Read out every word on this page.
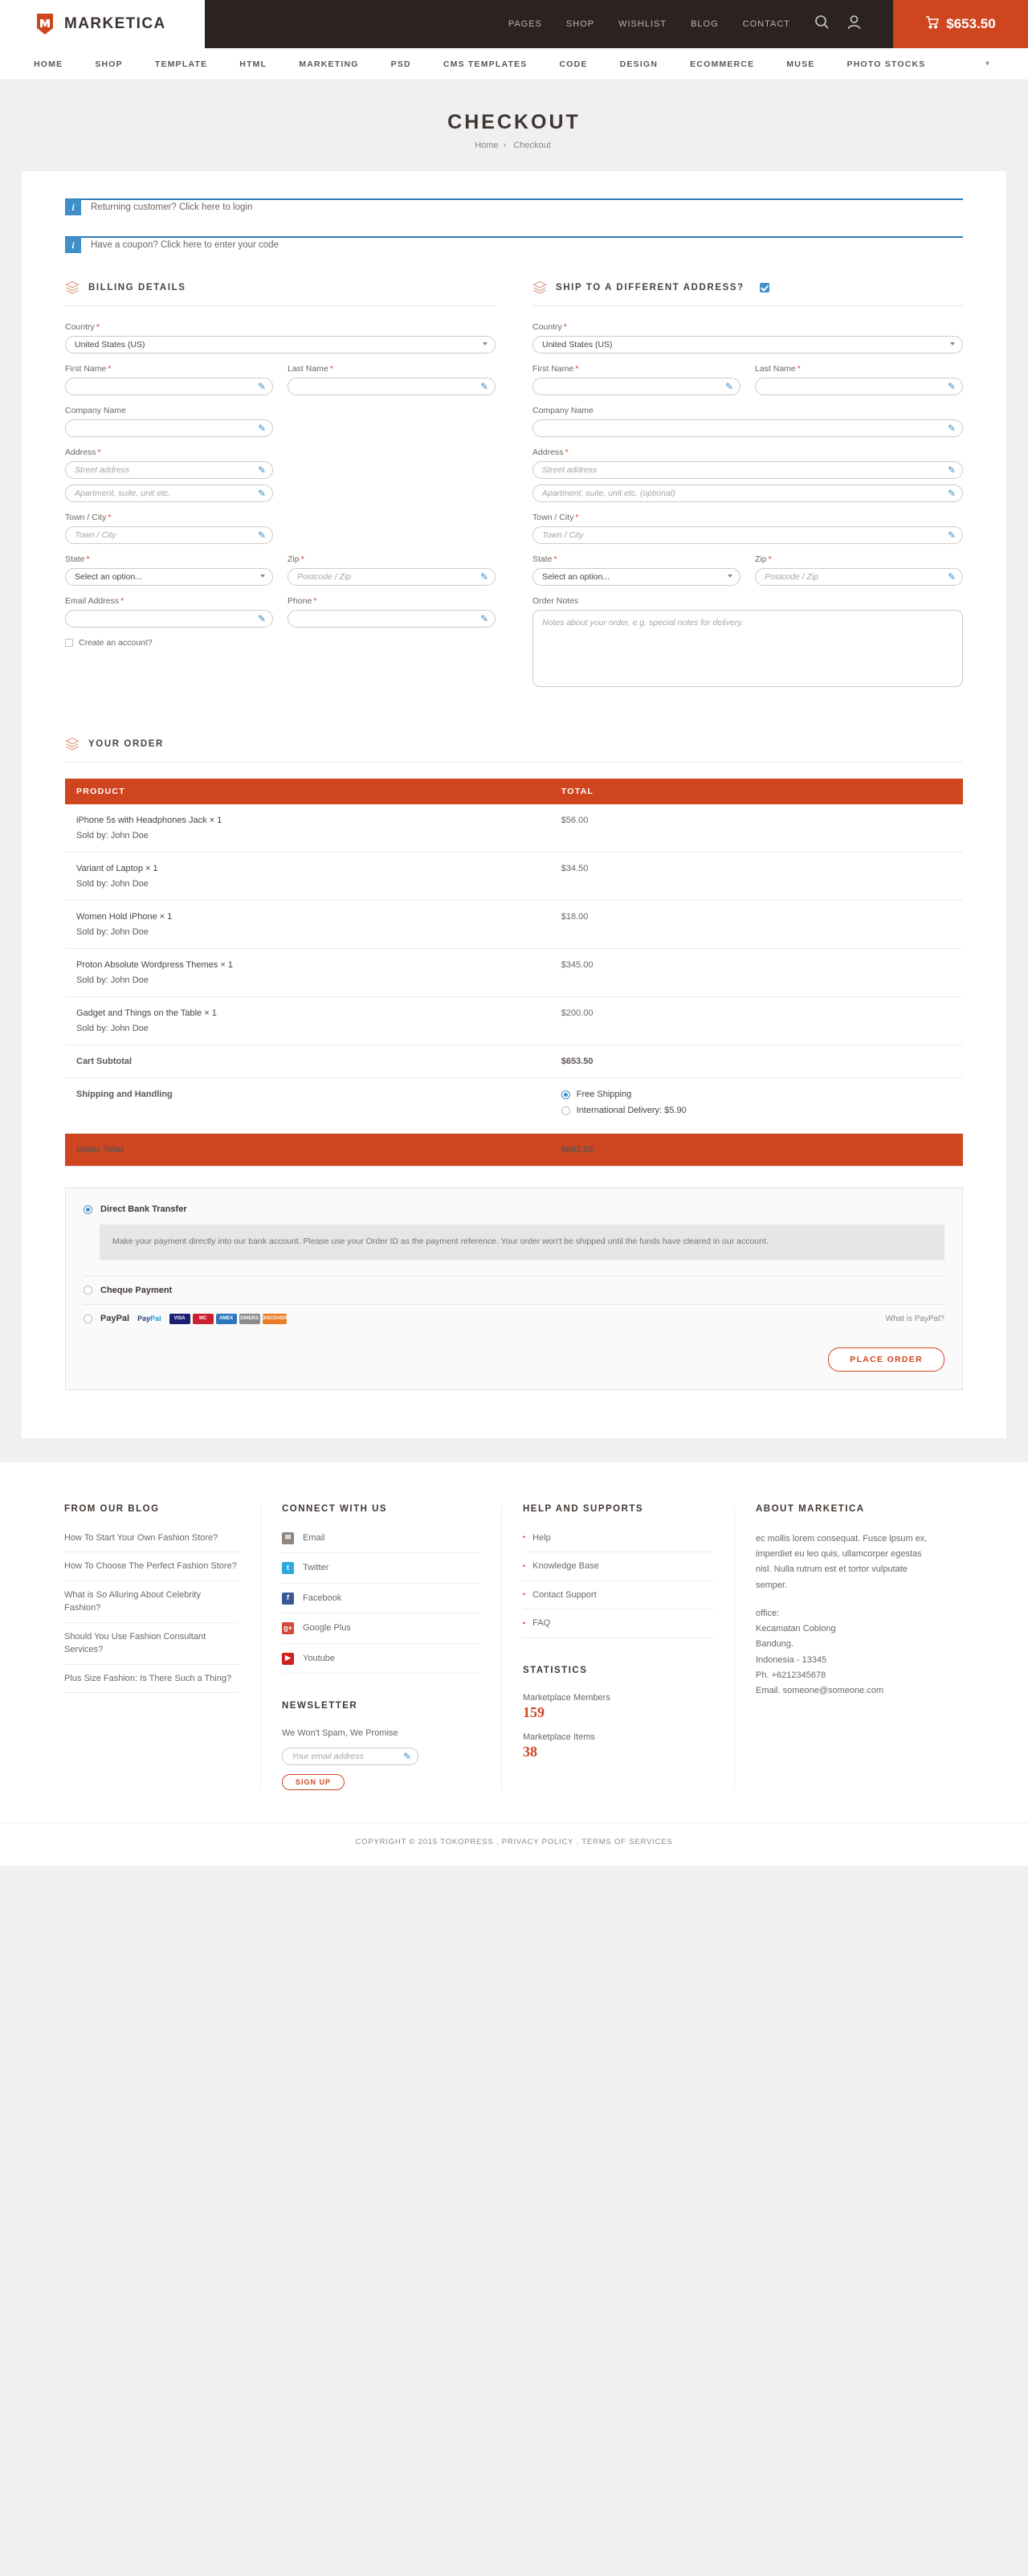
MARKETICA	PAGES	SHOP	WISHLIST	BLOG	CONTACT	$653.50
HOME	SHOP	TEMPLATE	HTML	MARKETING	PSD	CMS TEMPLATES	CODE	DESIGN	ECOMMERCE	MUSE	PHOTO STOCKS	▾
CHECKOUT
Home › Checkout
i	Returning customer? Click here to login
i	Have a coupon? Click here to enter your code
BILLING DETAILS
Country *
United States (US)
First Name *
✎
Last Name *
✎
Company Name
✎
Address *
Street address	✎
Apartment, suite, unit etc.	✎
Town / City *
Town / City	✎
State *
Select an option...
Zip *
Postcode / Zip	✎
Email Address *
✎
Phone *
✎
Create an account?
SHIP TO A DIFFERENT ADDRESS?
Country *
United States (US)
First Name *
✎
Last Name *
✎
Company Name
✎
Address *
Street address	✎
Apartment, suite, unit etc. (optional)	✎
Town / City *
Town / City	✎
State *
Select an option...
Zip *
Postcode / Zip	✎
Order Notes
Notes about your order, e.g. special notes for delivery.
YOUR ORDER
PRODUCT	TOTAL

iPhone 5s with Headphones Jack × 1
Sold by: John Doe	$56.00

Variant of Laptop × 1
Sold by: John Doe	$34.50

Women Hold iPhone × 1
Sold by: John Doe	$18.00

Proton Absolute Wordpress Themes × 1
Sold by: John Doe	$345.00

Gadget and Things on the Table × 1
Sold by: John Doe	$200.00
Cart Subtotal	$653.50
Shipping and Handling	Free Shipping
International Delivery: $5.90

Order Total	$653.50
Direct Bank Transfer
Make your payment directly into our bank account. Please use your Order ID as the payment reference. Your order won't be shipped until the funds have cleared in our account.
Cheque Payment
PayPal PayPal	VISA	MC	AMEX	DINERS DISCOVER	What is PayPal?
PLACE ORDER
FROM OUR BLOG
How To Start Your Own Fashion Store?
How To Choose The Perfect Fashion Store?
What is So Alluring About Celebrity Fashion?
Should You Use Fashion Consultant Services?
Plus Size Fashion: Is There Such a Thing?
CONNECT WITH US
✉	Email
t	Twitter
f	Facebook
g+ Google Plus
▶	Youtube
NEWSLETTER
We Won't Spam, We Promise
Your email address	✎
SIGN UP
HELP AND SUPPORTS
• Help
• Knowledge Base
• Contact Support
• FAQ
STATISTICS
Marketplace Members
159
Marketplace Items
38
ABOUT MARKETICA

ec mollis lorem consequat. Fusce lpsum ex, imperdiet eu leo quis, ullamcorper egestas nisl. Nulla rutrum est et tortor vulputate semper.

office:
Kecamatan Coblong
Bandung.
Indonesia - 13345
Ph. +6212345678
Email. someone@someone.com
COPYRIGHT © 2015 TOKOPRESS . PRIVACY POLICY . TERMS OF SERVICES
